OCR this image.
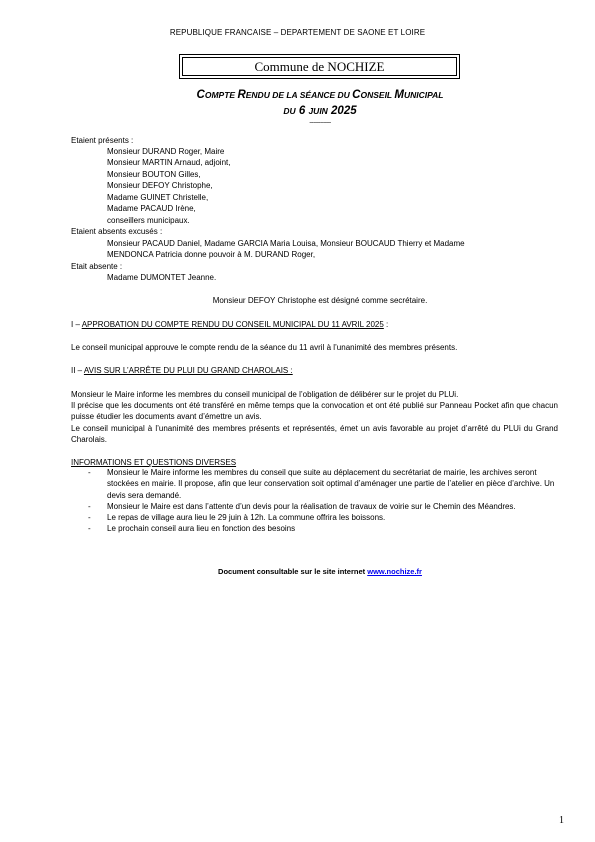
REPUBLIQUE FRANCAISE – DEPARTEMENT DE SAONE ET LOIRE
Commune de NOCHIZE
COMPTE RENDU DE LA SÉANCE DU CONSEIL MUNICIPAL
DU 6 JUIN 2025
~~~~~~
Etaient présents :
Monsieur DURAND Roger, Maire
Monsieur MARTIN Arnaud, adjoint,
Monsieur BOUTON Gilles,
Monsieur DEFOY Christophe,
Madame GUINET Christelle,
Madame PACAUD Irène,
conseillers municipaux.
Etaient absents excusés :
Monsieur PACAUD Daniel, Madame GARCIA Maria Louisa, Monsieur BOUCAUD Thierry et Madame
MENDONCA Patricia donne pouvoir à M. DURAND Roger,
Etait absente :
Madame DUMONTET Jeanne.
Monsieur DEFOY Christophe est désigné comme secrétaire.
I – APPROBATION DU COMPTE RENDU DU CONSEIL MUNICIPAL DU 11 AVRIL 2025 :
Le conseil municipal approuve le compte rendu de la séance du 11 avril à l’unanimité des membres présents.
II – AVIS SUR L’ARRÊTE DU PLUI DU GRAND CHAROLAIS :
Monsieur le Maire informe les membres du conseil municipal de l’obligation de délibérer sur le projet du PLUi.
Il précise que les documents ont été transféré en même temps que la convocation et ont été publié sur Panneau Pocket afin que chacun puisse étudier les documents avant d’émettre un avis.
Le conseil municipal à l’unanimité des membres présents et représentés, émet un avis favorable au projet d’arrêté du PLUi du Grand Charolais.
INFORMATIONS ET QUESTIONS DIVERSES
- Monsieur le Maire informe les membres du conseil que suite au déplacement du secrétariat de mairie, les archives seront stockées en mairie. Il propose, afin que leur conservation soit optimal d’aménager une partie de l’atelier en pièce d’archive. Un devis sera demandé.
- Monsieur le Maire est dans l’attente d’un devis pour la réalisation de travaux de voirie sur le Chemin des Méandres.
- Le repas de village aura lieu le 29 juin à 12h. La commune offrira les boissons.
- Le prochain conseil aura lieu en fonction des besoins
Document consultable sur le site internet www.nochize.fr
1
